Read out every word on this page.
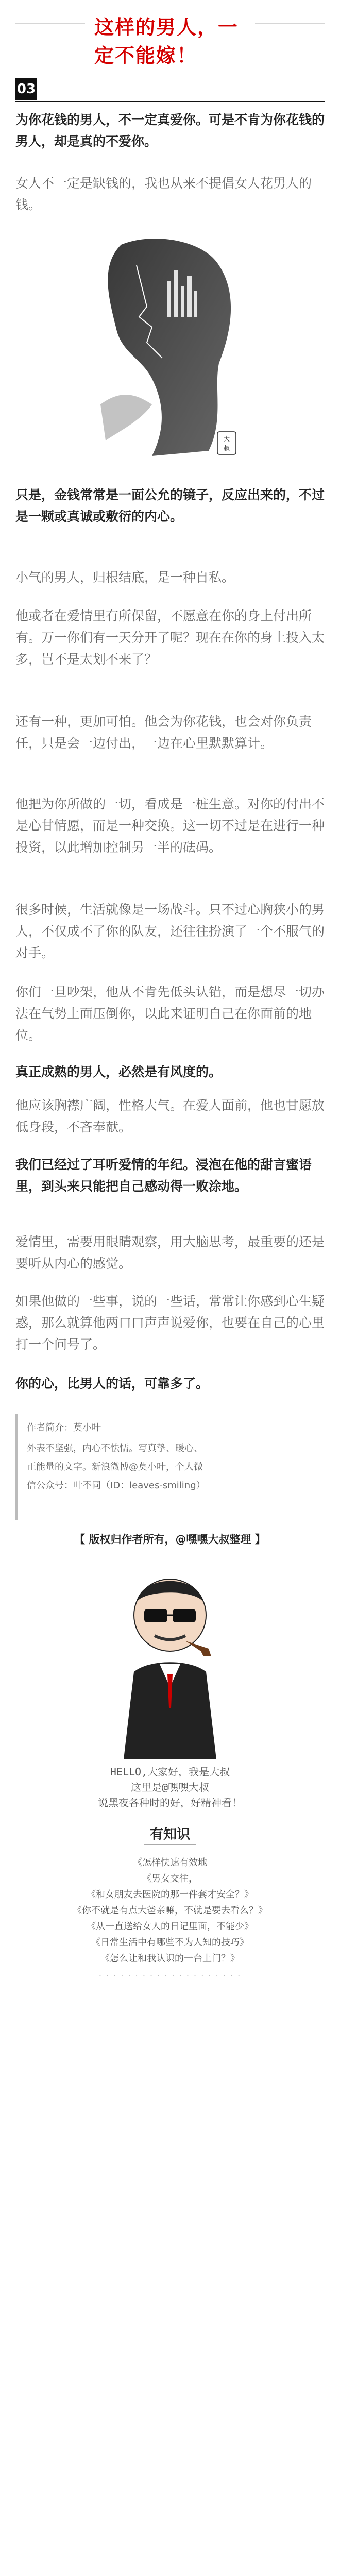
这样的男人，一定不能嫁！
03
为你花钱的男人，不一定真爱你。可是不肯为你花钱的男人，却是真的不爱你。
女人不一定是缺钱的，我也从来不提倡女人花男人的钱。
大
叔
只是，金钱常常是一面公允的镜子，反应出来的，不过是一颗或真诚或敷衍的内心。
小气的男人，归根结底，是一种自私。
他或者在爱情里有所保留，不愿意在你的身上付出所有。万一你们有一天分开了呢？现在在你的身上投入太多，岂不是太划不来了？
还有一种，更加可怕。他会为你花钱，也会对你负责任，只是会一边付出，一边在心里默默算计。
他把为你所做的一切，看成是一桩生意。对你的付出不是心甘情愿，而是一种交换。这一切不过是在进行一种投资，以此增加控制另一半的砝码。
很多时候，生活就像是一场战斗。只不过心胸狭小的男人，不仅成不了你的队友，还往往扮演了一个不服气的对手。
你们一旦吵架，他从不肯先低头认错，而是想尽一切办法在气势上面压倒你，以此来证明自己在你面前的地位。
真正成熟的男人，必然是有风度的。
他应该胸襟广阔，性格大气。在爱人面前，他也甘愿放低身段，不吝奉献。
我们已经过了耳听爱情的年纪。浸泡在他的甜言蜜语里，到头来只能把自己感动得一败涂地。
爱情里，需要用眼睛观察，用大脑思考，最重要的还是要听从内心的感觉。
如果他做的一些事，说的一些话，常常让你感到心生疑惑，那么就算他两口口声声说爱你，也要在自己的心里打一个问号了。
你的心，比男人的话，可靠多了。
作者简介：莫小叶
外表不坚强，内心不怯懦。写真挚、暖心、
正能量的文字。新浪微博@莫小叶，个人微
信公众号：叶不同（ID：leaves-smiling）
【 版权归作者所有，@嘿嘿大叔整理 】
HELLO,大家好，我是大叔
这里是@嘿嘿大叔
说黑夜各种时的好，好精神看！
有知识
《怎样快速有效地
《男女交往，
《和女朋友去医院的那一件套才安全？》
《你不就是有点大爸亲嘛，不就是要去看么？》
《从一直送给女人的日记里面，不能少》
《日常生活中有哪些不为人知的技巧》
《怎么让和我认识的一台上门？》
· · · · · · · · · · · · · · · · · · · ·
